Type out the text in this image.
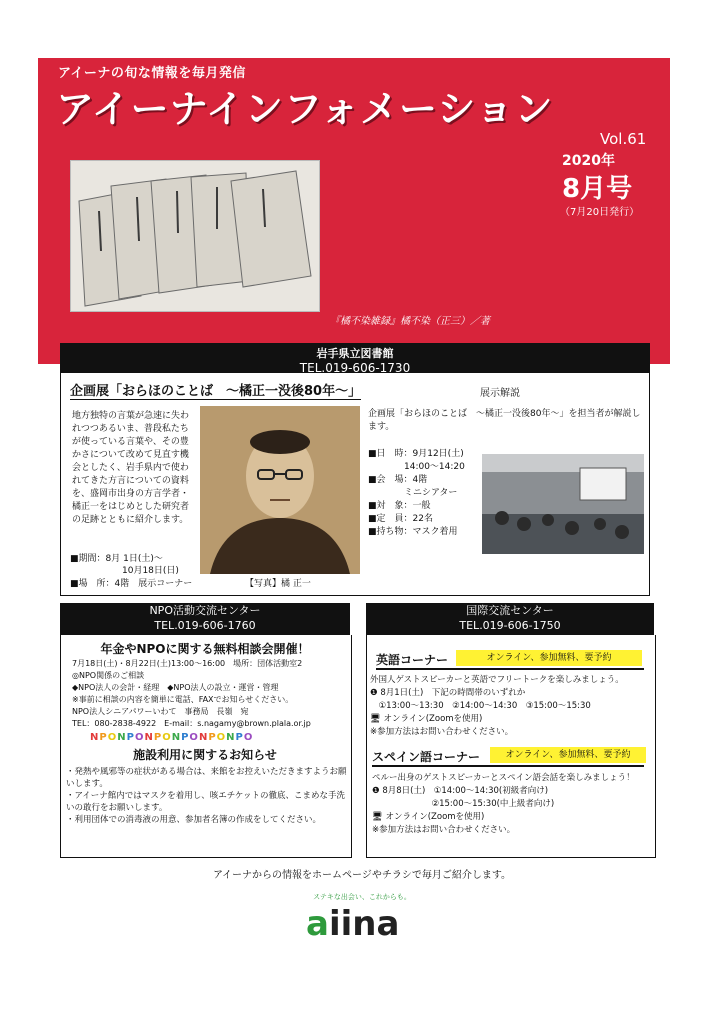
アイーナの旬な情報を毎月発信
アイーナインフォメーション
Vol.61
2020年
8月号
（7月20日発行）
『橘不染雑録』橘不染（正三）／著
岩手県立図書館
TEL.019-606-1730
企画展「おらほのことば　～橘正一没後80年～」
地方独特の言葉が急速に失われつつあるいま、普段私たちが使っている言葉や、その豊かさについて改めて見直す機会としたく、岩手県内で使われてきた方言についての資料を、盛岡市出身の方言学者・橘正一をはじめとした研究者の足跡とともに紹介します。
■期間：8月 1日(土)～
10月18日(日)
■場　所：4階　展示コーナー	【写真】橘 正一
展示解説
企画展「おらほのことば　～橘正一没後80年～」を担当者が解説します。
■日　時：9月12日(土)
　　　　14:00～14:20
■会　場：4階
　　　　ミニシアター
■対　象：一般
■定　員：22名
■持ち物：マスク着用
NPO活動交流センター
TEL.019-606-1760
年金やNPOに関する無料相談会開催！
7月18日(土)・8月22日(土)13:00～16:00　場所：団体活動室2
◎NPO関係のご相談
◆NPO法人の会計・経理　◆NPO法人の設立・運営・管理
※事前に相談の内容を簡単に電話、FAXでお知らせください。
NPO法人シニアパワーいわて　事務局　長嶺　宛
TEL：080-2838-4922　E-mail：s.nagamy@brown.plala.or.jp
NPONPONPONPONPONPO
施設利用に関するお知らせ
・発熱や風邪等の症状がある場合は、来館をお控えいただきますようお願いします。
・アイーナ館内ではマスクを着用し、咳エチケットの徹底、こまめな手洗いの敢行をお願いします。
・利用団体での消毒液の用意、参加者名簿の作成をしてください。
国際交流センター
TEL.019-606-1750
英語コーナー	オンライン、参加無料、要予約
外国人ゲストスピーカーと英語でフリートークを楽しみましょう。
❶ 8月1日(土)　下記の時間帯のいずれか
　①13:00～13:30　②14:00～14:30　③15:00～15:30
🖥 オンライン(Zoomを使用)
※参加方法はお問い合わせください。
スペイン語コーナー	オンライン、参加無料、要予約
ペルー出身のゲストスピーカーとスペイン語会話を楽しみましょう！
❶ 8月8日(土)　①14:00～14:30(初級者向け)
　　　　　　　②15:00～15:30(中上級者向け)
🖥 オンライン(Zoomを使用)
※参加方法はお問い合わせください。
アイーナからの情報をホームページやチラシで毎月ご紹介します。
ステキな出会い、これからも。
aiina
